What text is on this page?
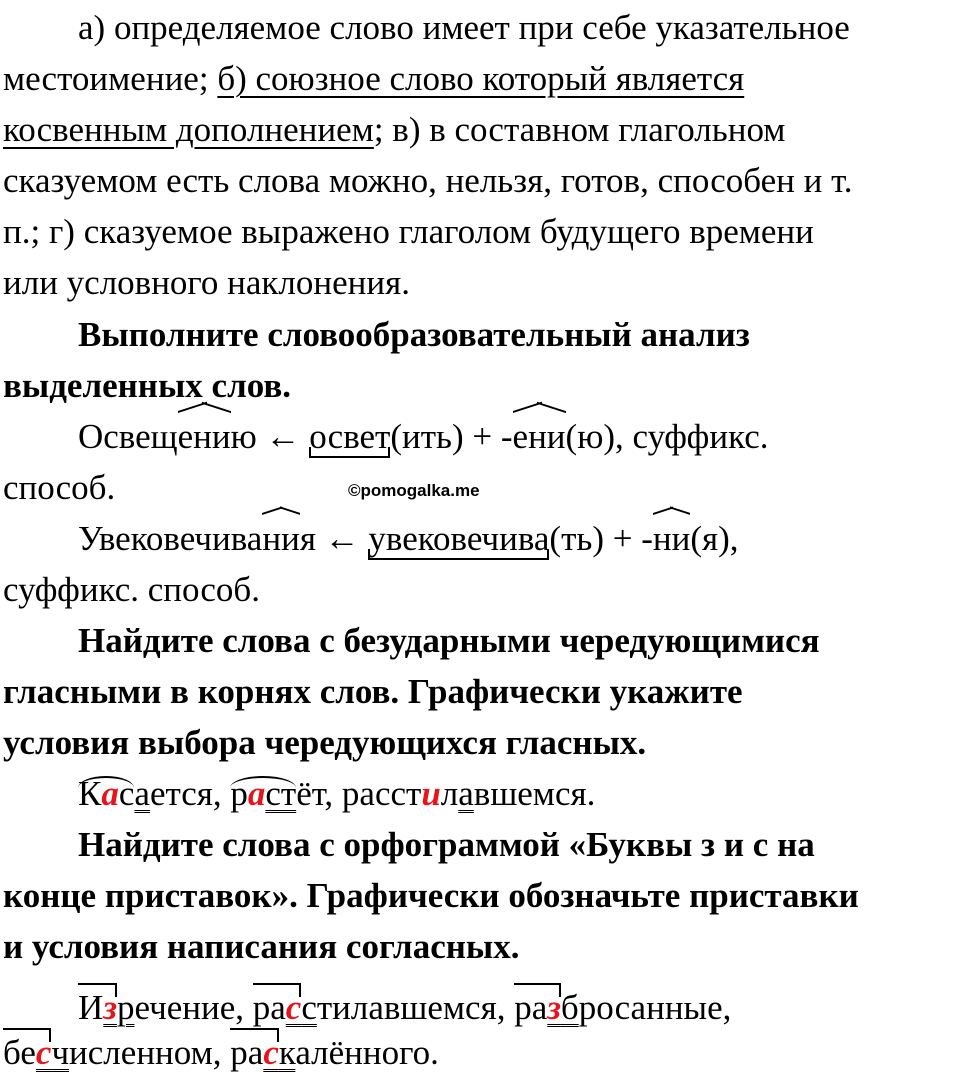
а) определяемое слово имеет при себе указательное
местоимение; б) союзное слово который является
косвенным дополнением; в) в составном глагольном
сказуемом есть слова можно, нельзя, готов, способен и т.
п.; г) сказуемое выражено глаголом будущего времени
или условного наклонения.
Выполните словообразовательный анализ
выделенных слов.
Освещению ← освет(ить) + -ени(ю), суффикс.
способ.	©pomogalka.me
Увековечивания ← увековечива(ть) + -ни(я),
суффикс. способ.
Найдите слова с безударными чередующимися
гласными в корнях слов. Графически укажите
условия выбора чередующихся гласных.
Касается, растёт, расстилавшемся.
Найдите слова с орфограммой «Буквы з и с на
конце приставок». Графически обозначьте приставки
и условия написания согласных.
Изречение, расстилавшемся, разбросанные,
бесчисленном, раскалённого.
